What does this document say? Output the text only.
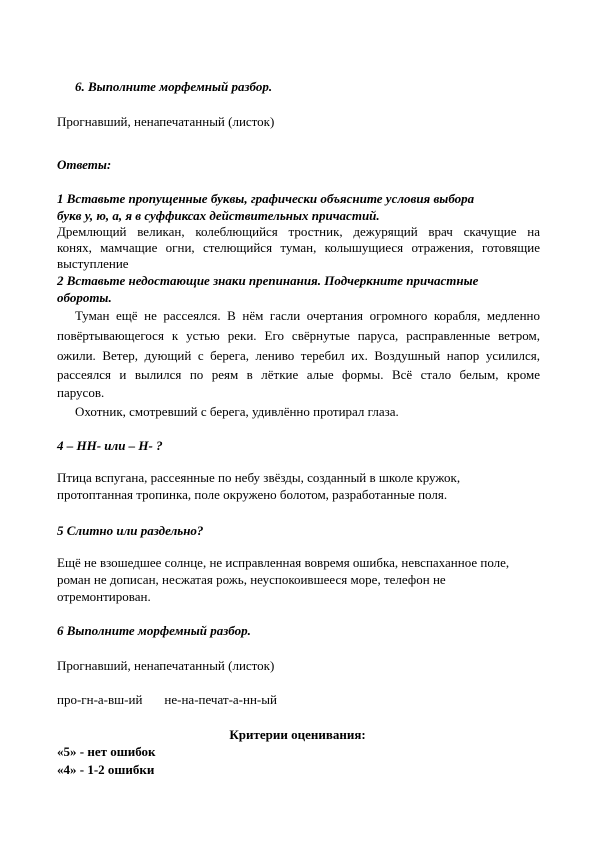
6. Выполните морфемный разбор.
Прогнавший, ненапечатанный (листок)
Ответы:
1 Вставьте пропущенные буквы, графически объясните условия выбора
букв у, ю, а, я в суффиксах действительных причастий.
Дремлющий великан, колеблющийся тростник, дежурящий врач скачущие на
конях, мамчащие огни, стелющийся туман, колышущиеся отражения, готовящие
выступление
2 Вставьте недостающие знаки препинания. Подчеркните причастные
обороты.
Туман ещё не рассеялся. В нём гасли очертания огромного корабля, медленно
повёртывающегося к устью реки. Его свёрнутые паруса, расправленные ветром,
ожили. Ветер, дующий с берега, лениво теребил их. Воздушный напор усилился,
рассеялся и вылился по реям в лёткие алые формы. Всё стало белым, кроме
парусов.
Охотник, смотревший с берега, удивлённо протирал глаза.
4 – НН- или – Н- ?
Птица вспугана, рассеянные по небу звёзды, созданный в школе кружок,
протоптанная тропинка, поле окружено болотом, разработанные поля.
5 Слитно или раздельно?
Ещё не взошедшее солнце, не исправленная вовремя ошибка, невспаханное поле,
роман не дописан, несжатая рожь, неуспокоившееся море, телефон не
отремонтирован.
6 Выполните морфемный разбор.
Прогнавший, ненапечатанный (листок)
про-гн-а-вш-ий не-на-печат-а-нн-ый
Критерии оценивания:
«5» - нет ошибок
«4» - 1-2 ошибки
